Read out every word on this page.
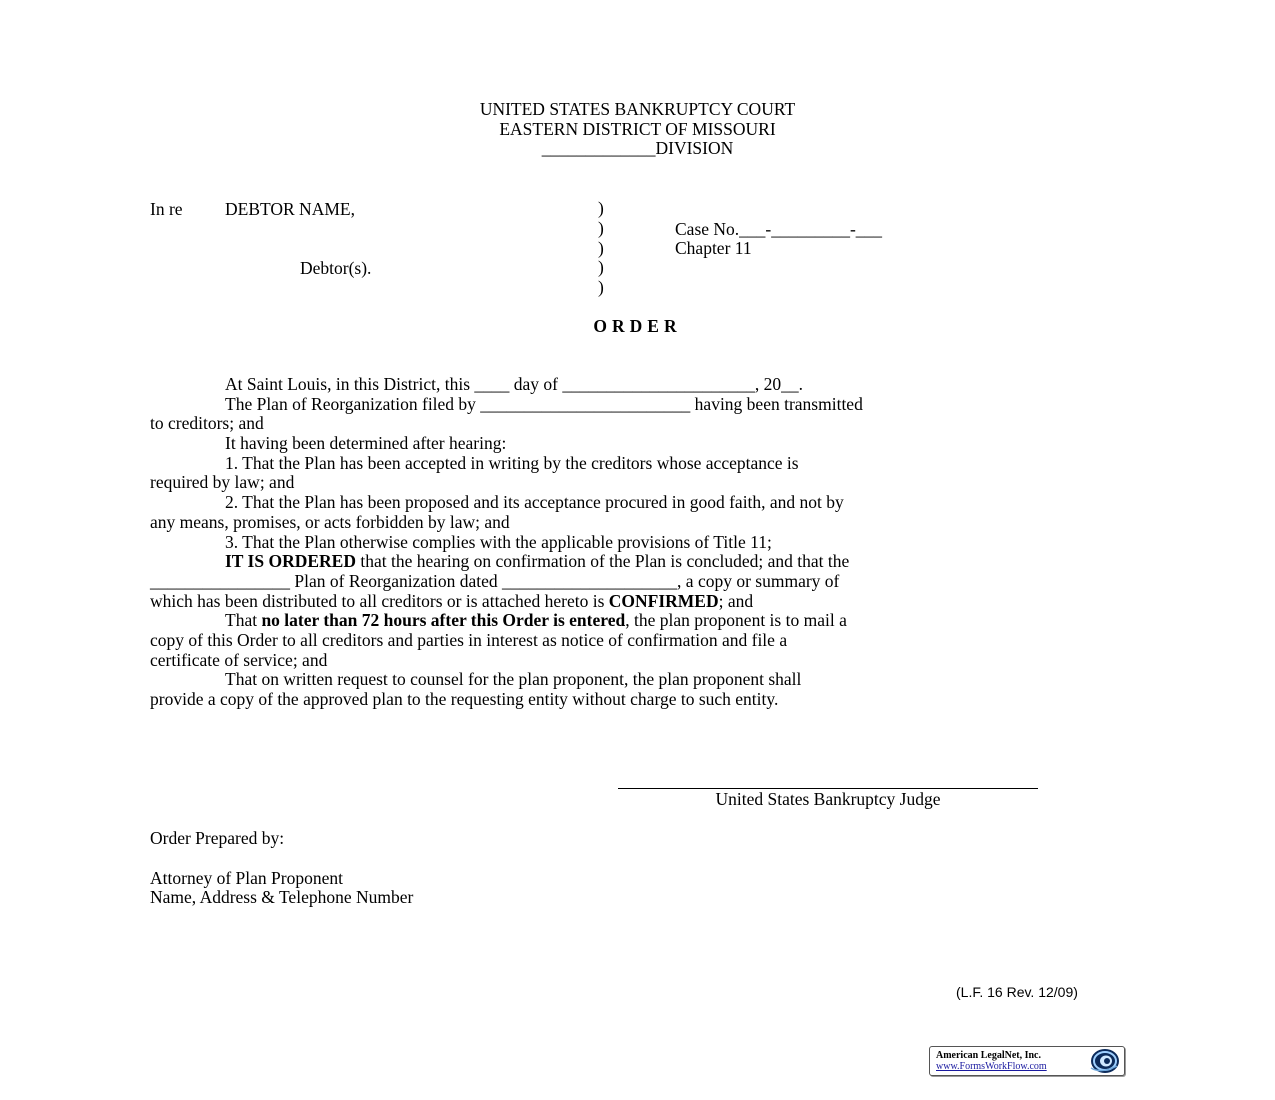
UNITED STATES BANKRUPTCY COURT
EASTERN DISTRICT OF MISSOURI
_____________DIVISION
In re DEBTOR NAME,
Debtor(s).
)
)
)
)
)
Case No.___-_________-___
Chapter 11
ORDER
At Saint Louis, in this District, this ____ day of ______________________, 20__.
The Plan of Reorganization filed by ________________________ having been transmitted
to creditors; and
It having been determined after hearing:
1. That the Plan has been accepted in writing by the creditors whose acceptance is
required by law; and
2. That the Plan has been proposed and its acceptance procured in good faith, and not by
any means, promises, or acts forbidden by law; and
3. That the Plan otherwise complies with the applicable provisions of Title 11;
IT IS ORDERED that the hearing on confirmation of the Plan is concluded; and that the
________________ Plan of Reorganization dated ____________________, a copy or summary of
which has been distributed to all creditors or is attached hereto is CONFIRMED; and
That no later than 72 hours after this Order is entered, the plan proponent is to mail a
copy of this Order to all creditors and parties in interest as notice of confirmation and file a
certificate of service; and
That on written request to counsel for the plan proponent, the plan proponent shall
provide a copy of the approved plan to the requesting entity without charge to such entity.
United States Bankruptcy Judge
Order Prepared by:
Attorney of Plan Proponent
Name, Address & Telephone Number
(L.F. 16 Rev. 12/09)
American LegalNet, Inc.
www.FormsWorkFlow.com
